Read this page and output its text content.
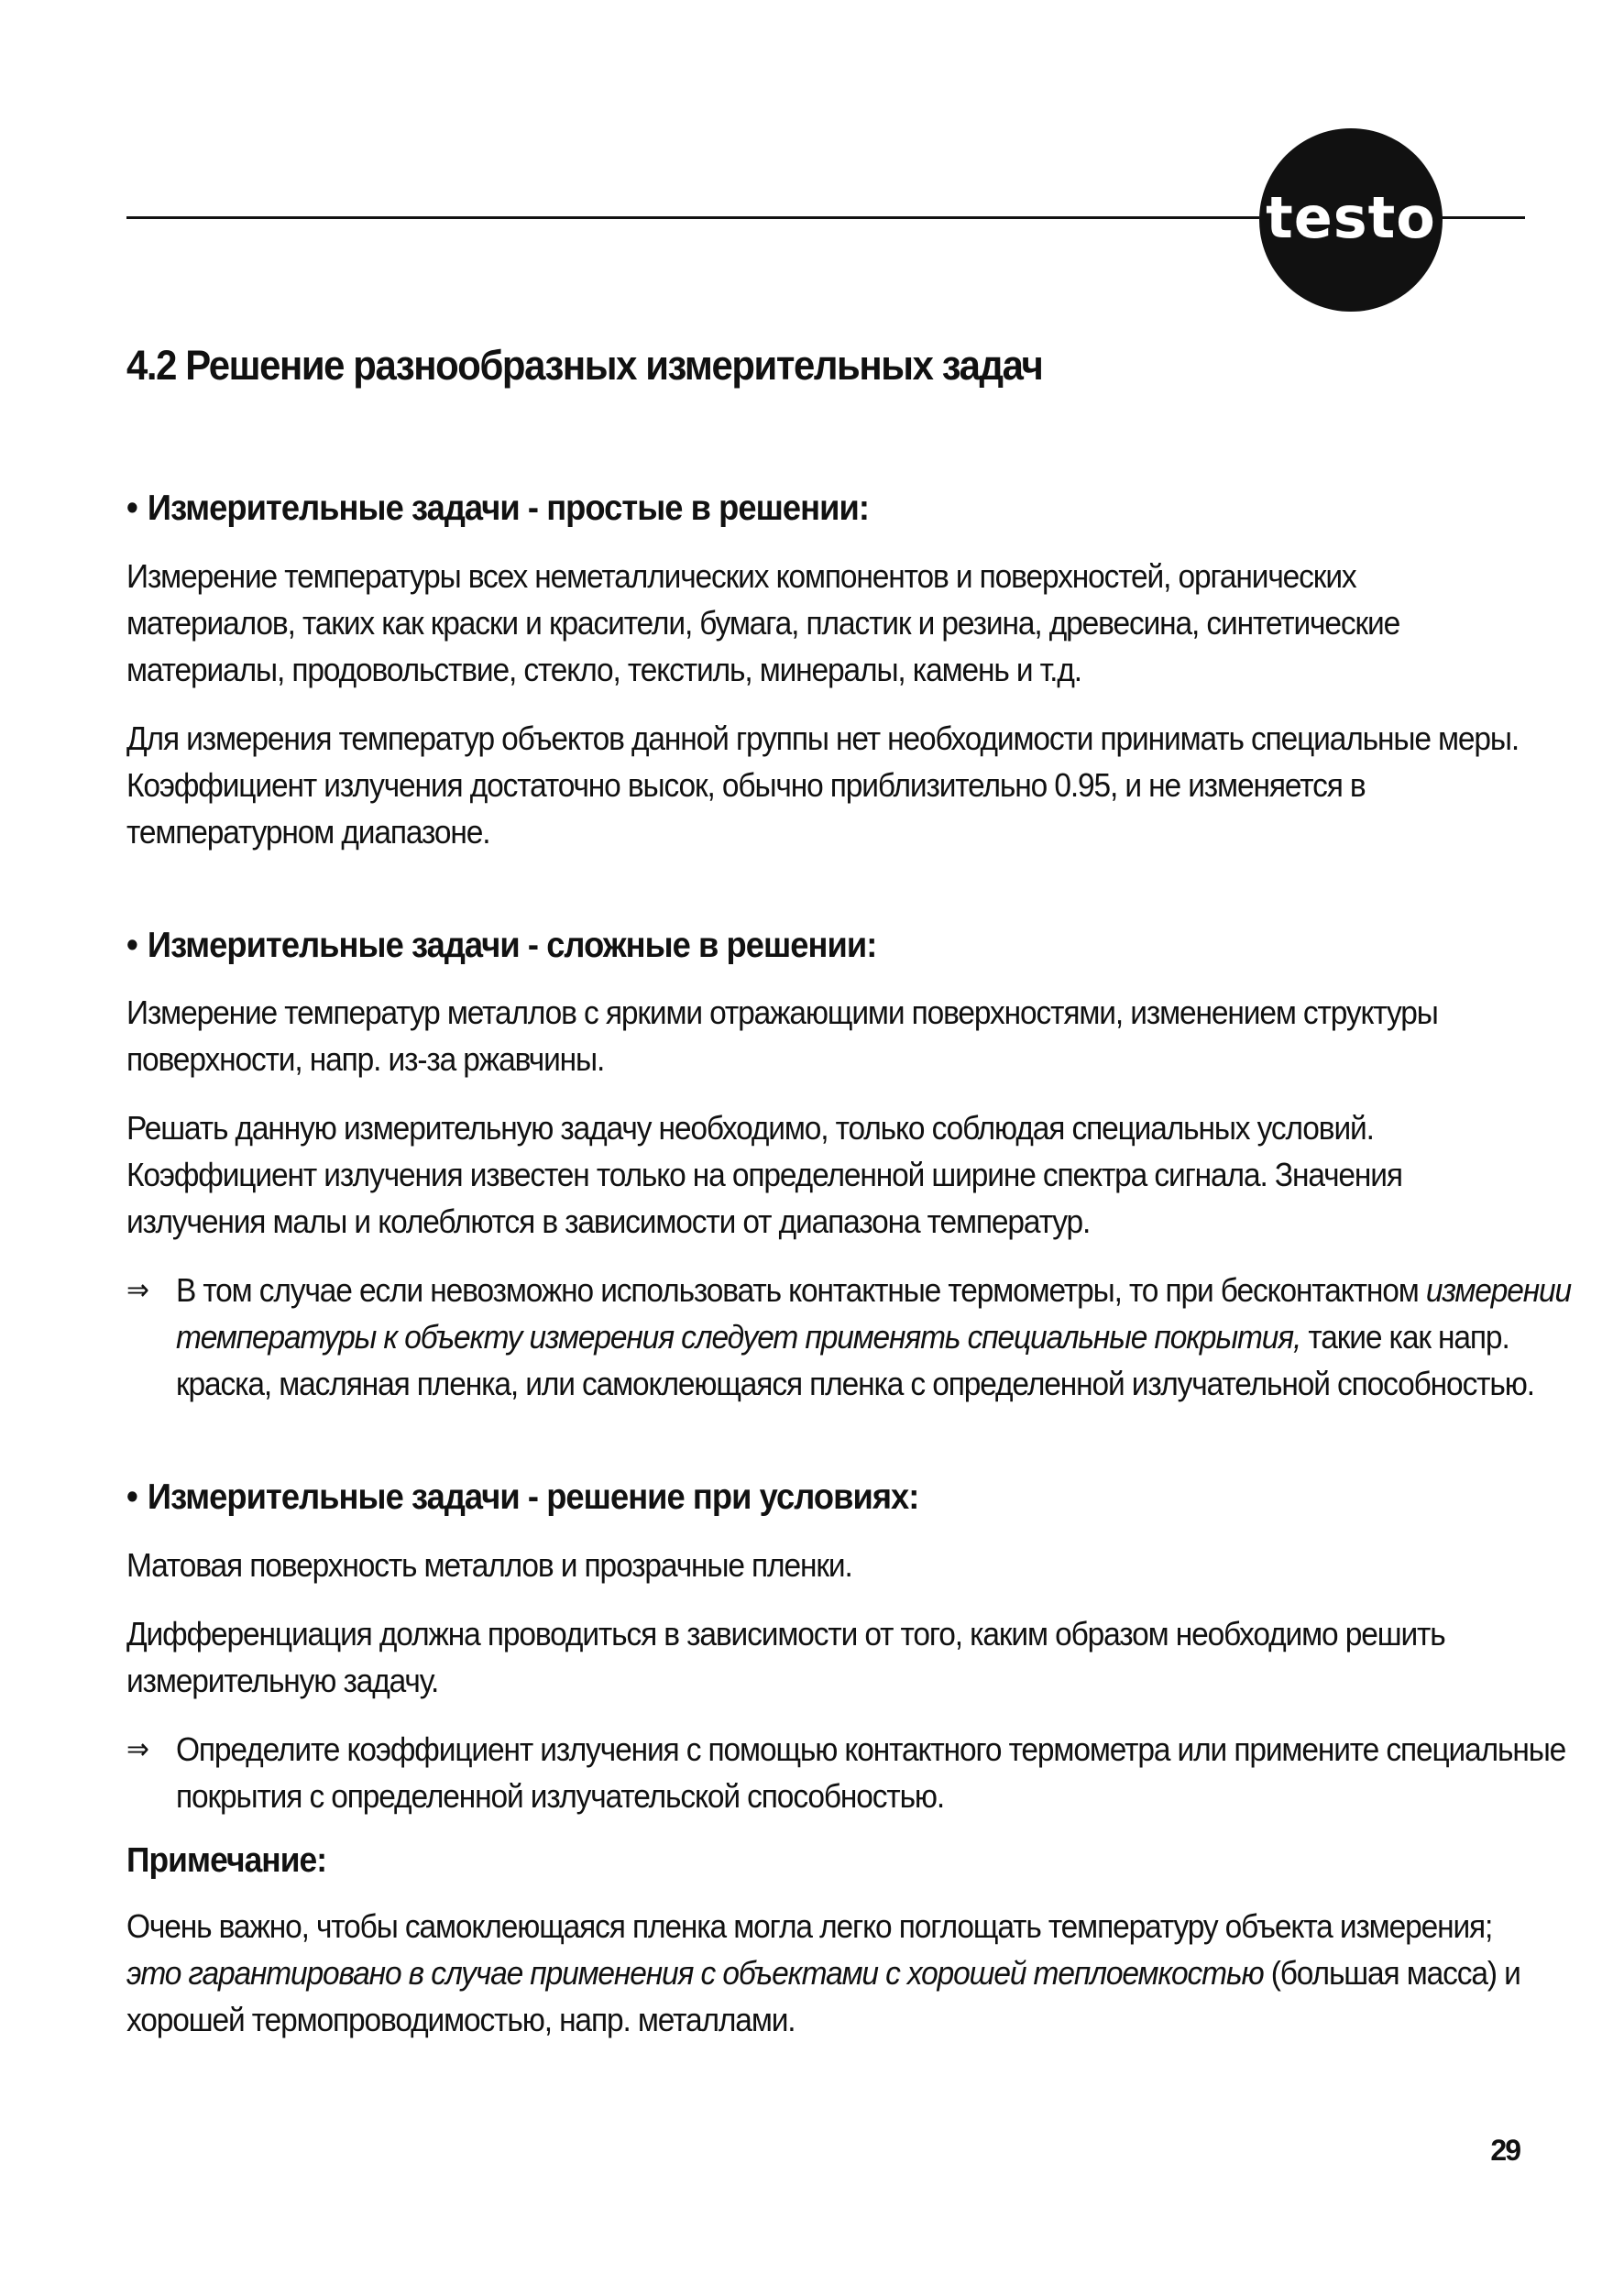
testo
4.2 Решение разнообразных измерительных задач
• Измерительные задачи - простые в решении:

Измерение температуры всех неметаллических компонентов и поверхностей, органических материалов, таких как краски и красители, бумага, пластик и резина, древесина, синтетические материалы, продовольствие, стекло, текстиль, минералы, камень и т.д.

Для измерения температур объектов данной группы нет необходимости принимать специальные меры. Коэффициент излучения достаточно высок, обычно приблизительно 0.95, и не изменяется в температурном диапазоне.

• Измерительные задачи - сложные в решении:

Измерение температур металлов с яркими отражающими поверхностями, изменением структуры поверхности, напр. из-за ржавчины.

Решать данную измерительную задачу необходимо, только соблюдая специальных условий. Коэффициент излучения известен только на определенной ширине спектра сигнала. Значения излучения малы и колеблются в зависимости от диапазона температур.

⇒ В том случае если невозможно использовать контактные термометры, то при бесконтактном измерении температуры к объекту измерения следует применять специальные покрытия, такие как напр. краска, масляная пленка, или самоклеющаяся пленка с определенной излучательной способностью.

• Измерительные задачи - решение при условиях:

Матовая поверхность металлов и прозрачные пленки.

Дифференциация должна проводиться в зависимости от того, каким образом необходимо решить измерительную задачу.

⇒ Определите коэффициент излучения с помощью контактного термометра или примените специальные покрытия с определенной излучательской способностью.

Примечание:

Очень важно, чтобы самоклеющаяся пленка могла легко поглощать температуру объекта измерения; это гарантировано в случае применения с объектами с хорошей теплоемкостью (большая масса) и хорошей термопроводимостью, напр. металлами.

29
